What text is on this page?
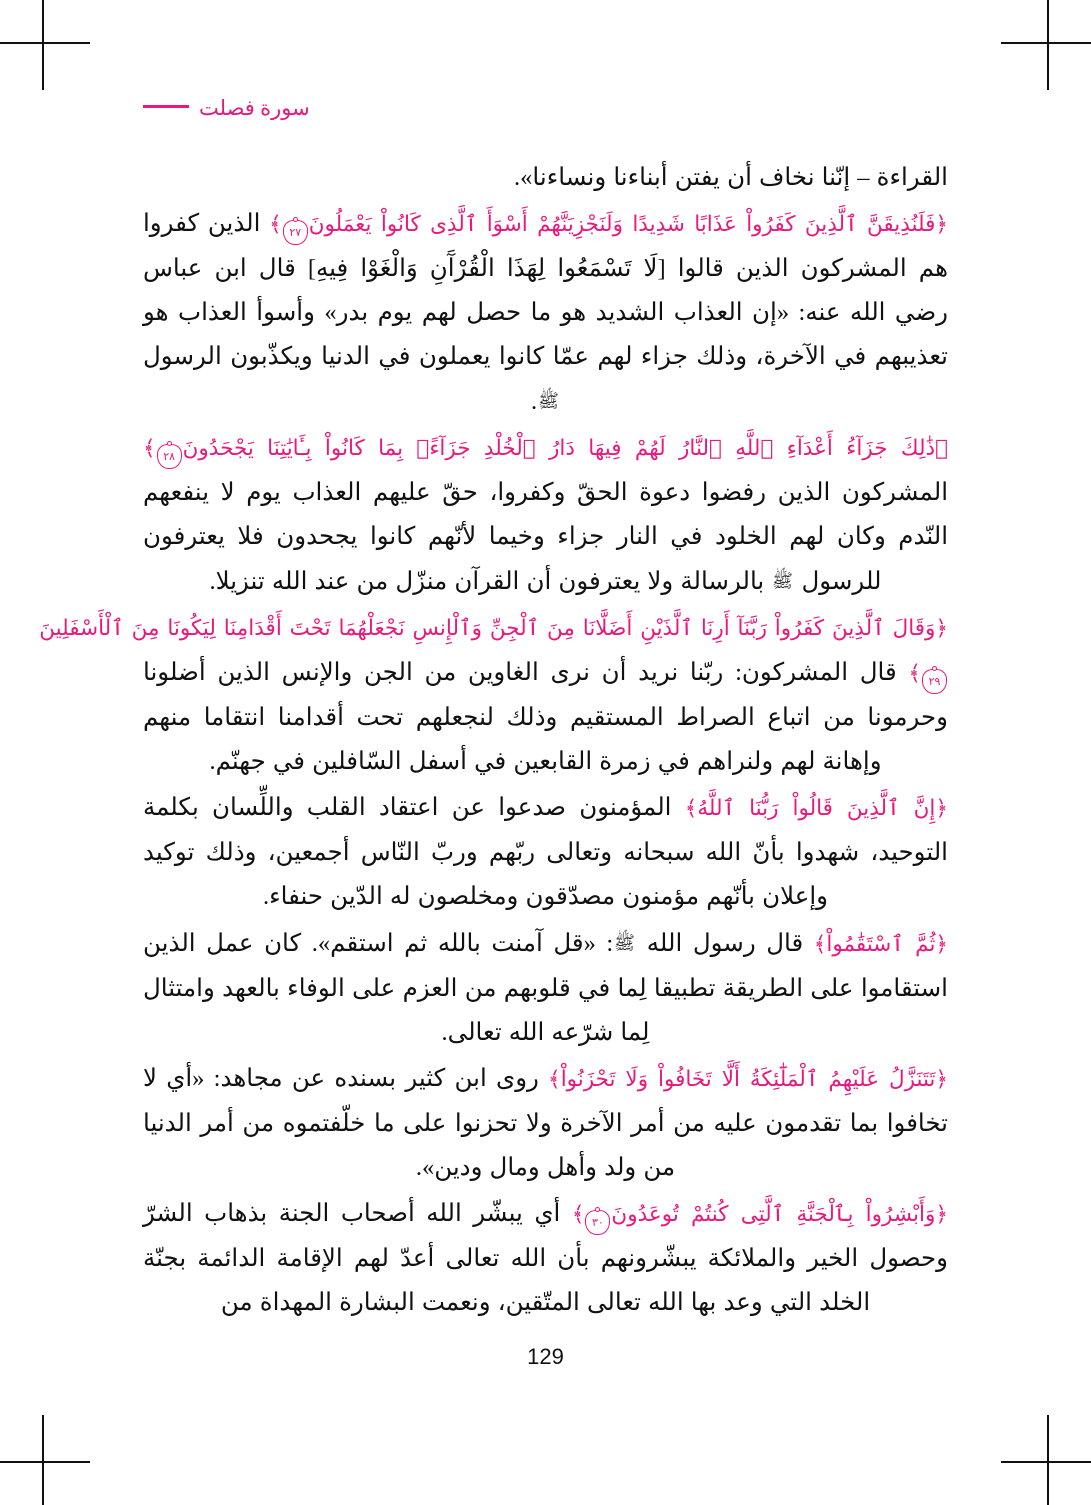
سورة فصلت

القراءة – إنّنا نخاف أن يفتن أبناءنا ونساءنا».

﴿فَلَنُذِيقَنَّ ٱلَّذِينَ كَفَرُواْ عَذَابًا شَدِيدًا وَلَنَجْزِيَنَّهُمْ أَسْوَأَ ٱلَّذِى كَانُواْ يَعْمَلُونَ
٢٧
﴾ الذين كفروا هم المشركون الذين قالوا [لَا تَسْمَعُوا لِهَذَا الْقُرْآَنِ وَالْغَوْا فِيهِ] قال ابن عباس رضي الله عنه: «إن العذاب الشديد هو ما حصل لهم يوم بدر» وأسوأ العذاب هو تعذيبهم في الآخرة، وذلك جزاء لهم عمّا كانوا يعملون في الدنيا ويكذّبون الرسول ﷺ.

﴿ذَٰلِكَ جَزَآءُ أَعْدَآءِ ٱللَّهِ ٱلنَّارُ لَهُمْ فِيهَا دَارُ ٱلْخُلْدِ جَزَآءًۢ بِمَا كَانُواْ بِـَٔايَٰتِنَا يَجْحَدُونَ
٢٨
﴾ المشركون الذين رفضوا دعوة الحقّ وكفروا، حقّ عليهم العذاب يوم لا ينفعهم النّدم وكان لهم الخلود في النار جزاء وخيما لأنّهم كانوا يجحدون فلا يعترفون للرسول ﷺ بالرسالة ولا يعترفون أن القرآن منزّل من عند الله تنزيلا.

﴿وَقَالَ ٱلَّذِينَ كَفَرُواْ رَبَّنَآ أَرِنَا ٱلَّذَيْنِ أَضَلَّانَا مِنَ ٱلْجِنِّ وَٱلْإِنسِ نَجْعَلْهُمَا تَحْتَ أَقْدَامِنَا لِيَكُونَا مِنَ ٱلْأَسْفَلِينَ
٢٩
﴾ قال المشركون: ربّنا نريد أن نرى الغاوين من الجن والإنس الذين أضلونا وحرمونا من اتباع الصراط المستقيم وذلك لنجعلهم تحت أقدامنا انتقاما منهم وإهانة لهم ولنراهم في زمرة القابعين في أسفل السّافلين في جهنّم.

﴿إِنَّ ٱلَّذِينَ قَالُواْ رَبُّنَا ٱللَّهُ﴾ المؤمنون صدعوا عن اعتقاد القلب واللِّسان بكلمة التوحيد، شهدوا بأنّ الله سبحانه وتعالى ربّهم وربّ النّاس أجمعين، وذلك توكيد وإعلان بأنّهم مؤمنون مصدّقون ومخلصون له الدّين حنفاء.

﴿ثُمَّ ٱسْتَقَٰمُواْ﴾ قال رسول الله ﷺ: «قل آمنت بالله ثم استقم». كان عمل الذين استقاموا على الطريقة تطبيقا لِما في قلوبهم من العزم على الوفاء بالعهد وامتثال لِما شرّعه الله تعالى.

﴿تَتَنَزَّلُ عَلَيْهِمُ ٱلْمَلَٰٓئِكَةُ أَلَّا تَخَافُواْ وَلَا تَحْزَنُواْ﴾ روى ابن كثير بسنده عن مجاهد: «أي لا تخافوا بما تقدمون عليه من أمر الآخرة ولا تحزنوا على ما خلّفتموه من أمر الدنيا من ولد وأهل ومال ودين».

﴿وَأَبْشِرُواْ بِٱلْجَنَّةِ ٱلَّتِى كُنتُمْ تُوعَدُونَ
٣٠
﴾ أي يبشّر الله أصحاب الجنة بذهاب الشرّ وحصول الخير والملائكة يبشّرونهم بأن الله تعالى أعدّ لهم الإقامة الدائمة بجنّة الخلد التي وعد بها الله تعالى المتّقين، ونعمت البشارة المهداة من

129
